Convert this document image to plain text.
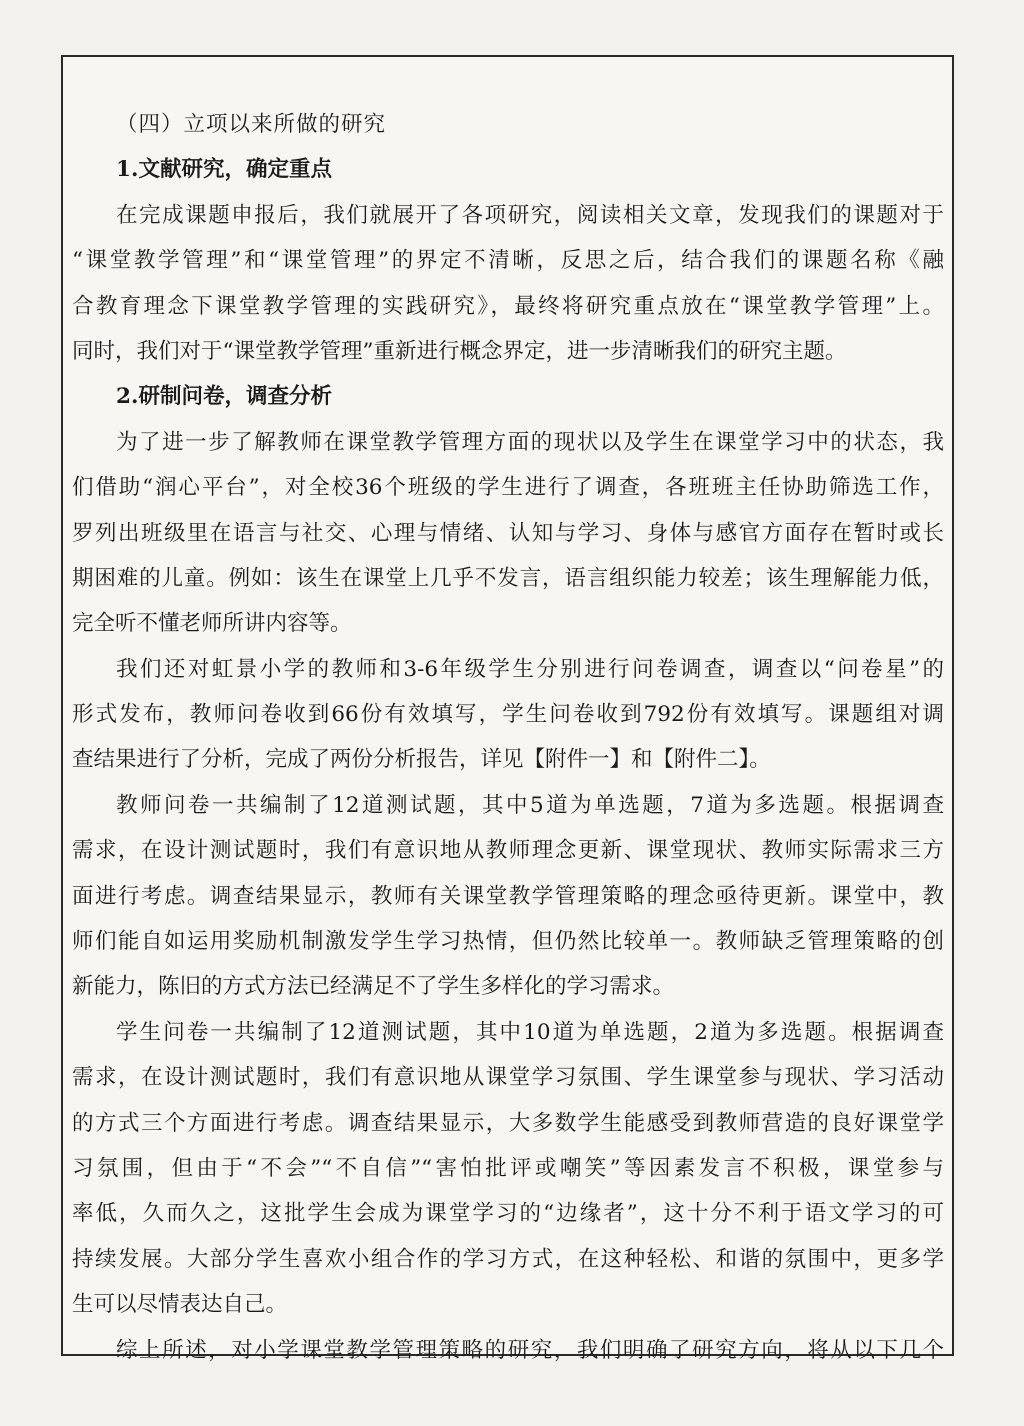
（四）立项以来所做的研究
1.文献研究，确定重点
在完成课题申报后，我们就展开了各项研究，阅读相关文章，发现我们的课题对于
“课堂教学管理”和“课堂管理”的界定不清晰，反思之后，结合我们的课题名称《融
合教育理念下课堂教学管理的实践研究》，最终将研究重点放在“课堂教学管理”上。
同时，我们对于“课堂教学管理”重新进行概念界定，进一步清晰我们的研究主题。
2.研制问卷，调查分析
为了进一步了解教师在课堂教学管理方面的现状以及学生在课堂学习中的状态，我
们借助“润心平台”，对全校36个班级的学生进行了调查，各班班主任协助筛选工作，
罗列出班级里在语言与社交、心理与情绪、认知与学习、身体与感官方面存在暂时或长
期困难的儿童。例如：该生在课堂上几乎不发言，语言组织能力较差；该生理解能力低，
完全听不懂老师所讲内容等。
我们还对虹景小学的教师和3-6年级学生分别进行问卷调查，调查以“问卷星”的
形式发布，教师问卷收到66份有效填写，学生问卷收到792份有效填写。课题组对调
查结果进行了分析，完成了两份分析报告，详见【附件一】和【附件二】。
教师问卷一共编制了12道测试题，其中5道为单选题，7道为多选题。根据调查
需求，在设计测试题时，我们有意识地从教师理念更新、课堂现状、教师实际需求三方
面进行考虑。调查结果显示，教师有关课堂教学管理策略的理念亟待更新。课堂中，教
师们能自如运用奖励机制激发学生学习热情，但仍然比较单一。教师缺乏管理策略的创
新能力，陈旧的方式方法已经满足不了学生多样化的学习需求。
学生问卷一共编制了12道测试题，其中10道为单选题，2道为多选题。根据调查
需求，在设计测试题时，我们有意识地从课堂学习氛围、学生课堂参与现状、学习活动
的方式三个方面进行考虑。调查结果显示，大多数学生能感受到教师营造的良好课堂学
习氛围，但由于“不会”“不自信”“害怕批评或嘲笑”等因素发言不积极，课堂参与
率低，久而久之，这批学生会成为课堂学习的“边缘者”，这十分不利于语文学习的可
持续发展。大部分学生喜欢小组合作的学习方式，在这种轻松、和谐的氛围中，更多学
生可以尽情表达自己。
综上所述，对小学课堂教学管理策略的研究，我们明确了研究方向，将从以下几个
